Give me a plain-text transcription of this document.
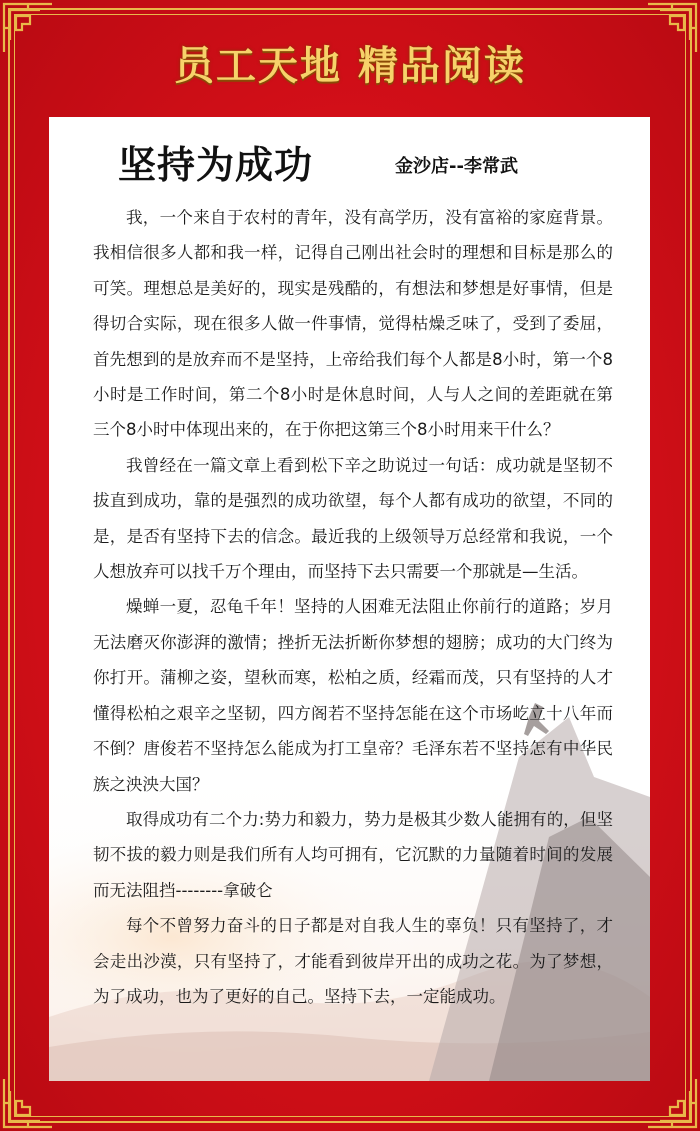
员工天地 精品阅读
坚持为成功	金沙店--李常武

我，一个来自于农村的青年，没有高学历，没有富裕的家庭背景。我相信很多人都和我一样，记得自己刚出社会时的理想和目标是那么的可笑。理想总是美好的，现实是残酷的，有想法和梦想是好事情，但是得切合实际，现在很多人做一件事情，觉得枯燥乏味了，受到了委屈，首先想到的是放弃而不是坚持，上帝给我们每个人都是8小时，第一个8小时是工作时间，第二个8小时是休息时间，人与人之间的差距就在第三个8小时中体现出来的，在于你把这第三个8小时用来干什么？

我曾经在一篇文章上看到松下辛之助说过一句话：成功就是坚韧不拔直到成功，靠的是强烈的成功欲望，每个人都有成功的欲望，不同的是，是否有坚持下去的信念。最近我的上级领导万总经常和我说，一个人想放弃可以找千万个理由，而坚持下去只需要一个那就是—生活。

燥蝉一夏，忍龟千年！坚持的人困难无法阻止你前行的道路；岁月无法磨灭你澎湃的激情；挫折无法折断你梦想的翅膀；成功的大门终为你打开。蒲柳之姿，望秋而寒，松柏之质，经霜而茂，只有坚持的人才懂得松柏之艰辛之坚韧，四方阁若不坚持怎能在这个市场屹立十八年而不倒？唐俊若不坚持怎么能成为打工皇帝？毛泽东若不坚持怎有中华民族之泱泱大国？

取得成功有二个力:势力和毅力，势力是极其少数人能拥有的，但坚韧不拔的毅力则是我们所有人均可拥有，它沉默的力量随着时间的发展而无法阻挡--------拿破仑

每个不曾努力奋斗的日子都是对自我人生的辜负！只有坚持了，才会走出沙漠，只有坚持了，才能看到彼岸开出的成功之花。为了梦想，为了成功，也为了更好的自己。坚持下去，一定能成功。
